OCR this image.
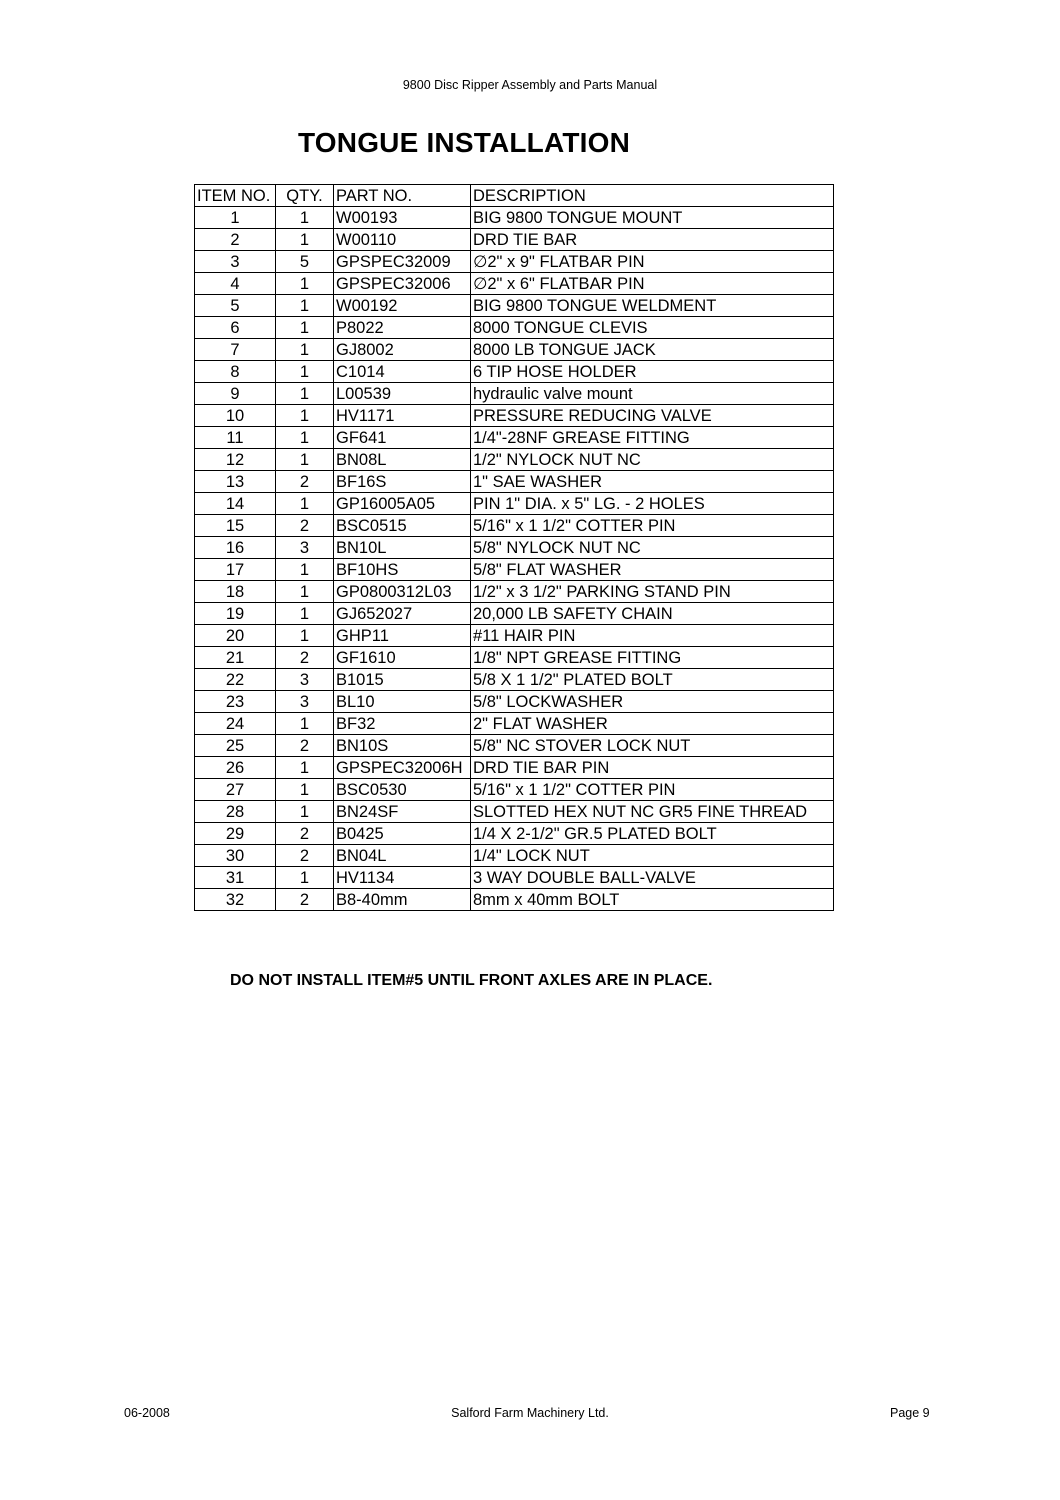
9800 Disc Ripper Assembly and Parts Manual
TONGUE INSTALLATION
ITEM NO.	QTY.	PART NO.	DESCRIPTION
1	1	W00193	BIG 9800 TONGUE MOUNT
2	1	W00110	DRD TIE BAR
3	5	GPSPEC32009	∅2" x 9" FLATBAR PIN
4	1	GPSPEC32006	∅2" x 6" FLATBAR PIN
5	1	W00192	BIG 9800 TONGUE WELDMENT
6	1	P8022	8000 TONGUE CLEVIS
7	1	GJ8002	8000 LB TONGUE JACK
8	1	C1014	6 TIP HOSE HOLDER
9	1	L00539	hydraulic valve mount
10	1	HV1171	PRESSURE REDUCING VALVE
11	1	GF641	1/4"-28NF GREASE FITTING
12	1	BN08L	1/2" NYLOCK NUT NC
13	2	BF16S	1" SAE WASHER
14	1	GP16005A05	PIN 1" DIA. x 5" LG. - 2 HOLES
15	2	BSC0515	5/16" x 1 1/2" COTTER PIN
16	3	BN10L	5/8" NYLOCK NUT NC
17	1	BF10HS	5/8" FLAT WASHER
18	1	GP0800312L03	1/2" x 3 1/2" PARKING STAND PIN
19	1	GJ652027	20,000 LB SAFETY CHAIN
20	1	GHP11	#11 HAIR PIN
21	2	GF1610	1/8" NPT GREASE FITTING
22	3	B1015	5/8 X 1 1/2" PLATED BOLT
23	3	BL10	5/8" LOCKWASHER
24	1	BF32	2" FLAT WASHER
25	2	BN10S	5/8" NC STOVER LOCK NUT
26	1	GPSPEC32006H	DRD TIE BAR PIN
27	1	BSC0530	5/16" x 1 1/2" COTTER PIN
28	1	BN24SF	SLOTTED HEX NUT NC GR5 FINE THREAD
29	2	B0425	1/4 X 2-1/2" GR.5 PLATED BOLT
30	2	BN04L	1/4" LOCK NUT
31	1	HV1134	3 WAY DOUBLE BALL-VALVE
32	2	B8-40mm	8mm x 40mm BOLT
DO NOT INSTALL ITEM#5 UNTIL FRONT AXLES ARE IN PLACE.
06-2008	Salford Farm Machinery Ltd.	Page 9
